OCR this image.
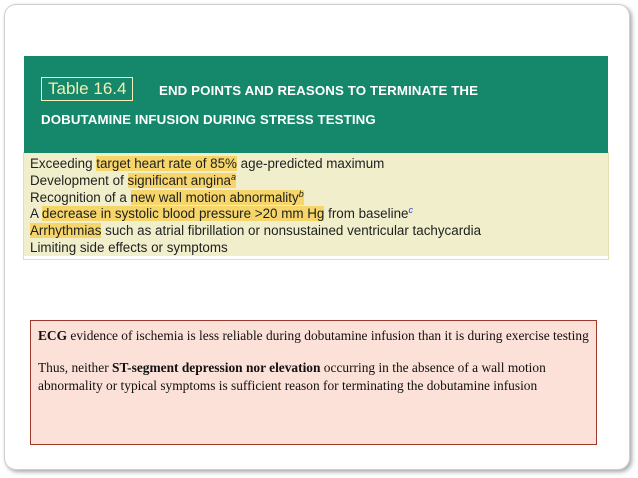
Table 16.4	END POINTS AND REASONS TO TERMINATE THE
DOBUTAMINE INFUSION DURING STRESS TESTING
Exceeding target heart rate of 85% age-predicted maximum
Development of significant angina$^a$
Recognition of a new wall motion abnormality$^b$
A decrease in systolic blood pressure >20 mm Hg from baseline$^c$
Arrhythmias such as atrial fibrillation or nonsustained ventricular tachycardia
Limiting side effects or symptoms

ECG evidence of ischemia is less reliable during dobutamine infusion than it is during exercise testing

Thus, neither ST-segment depression nor elevation occurring in the absence of a wall motion abnormality or typical symptoms is sufficient reason for terminating the dobutamine infusion
